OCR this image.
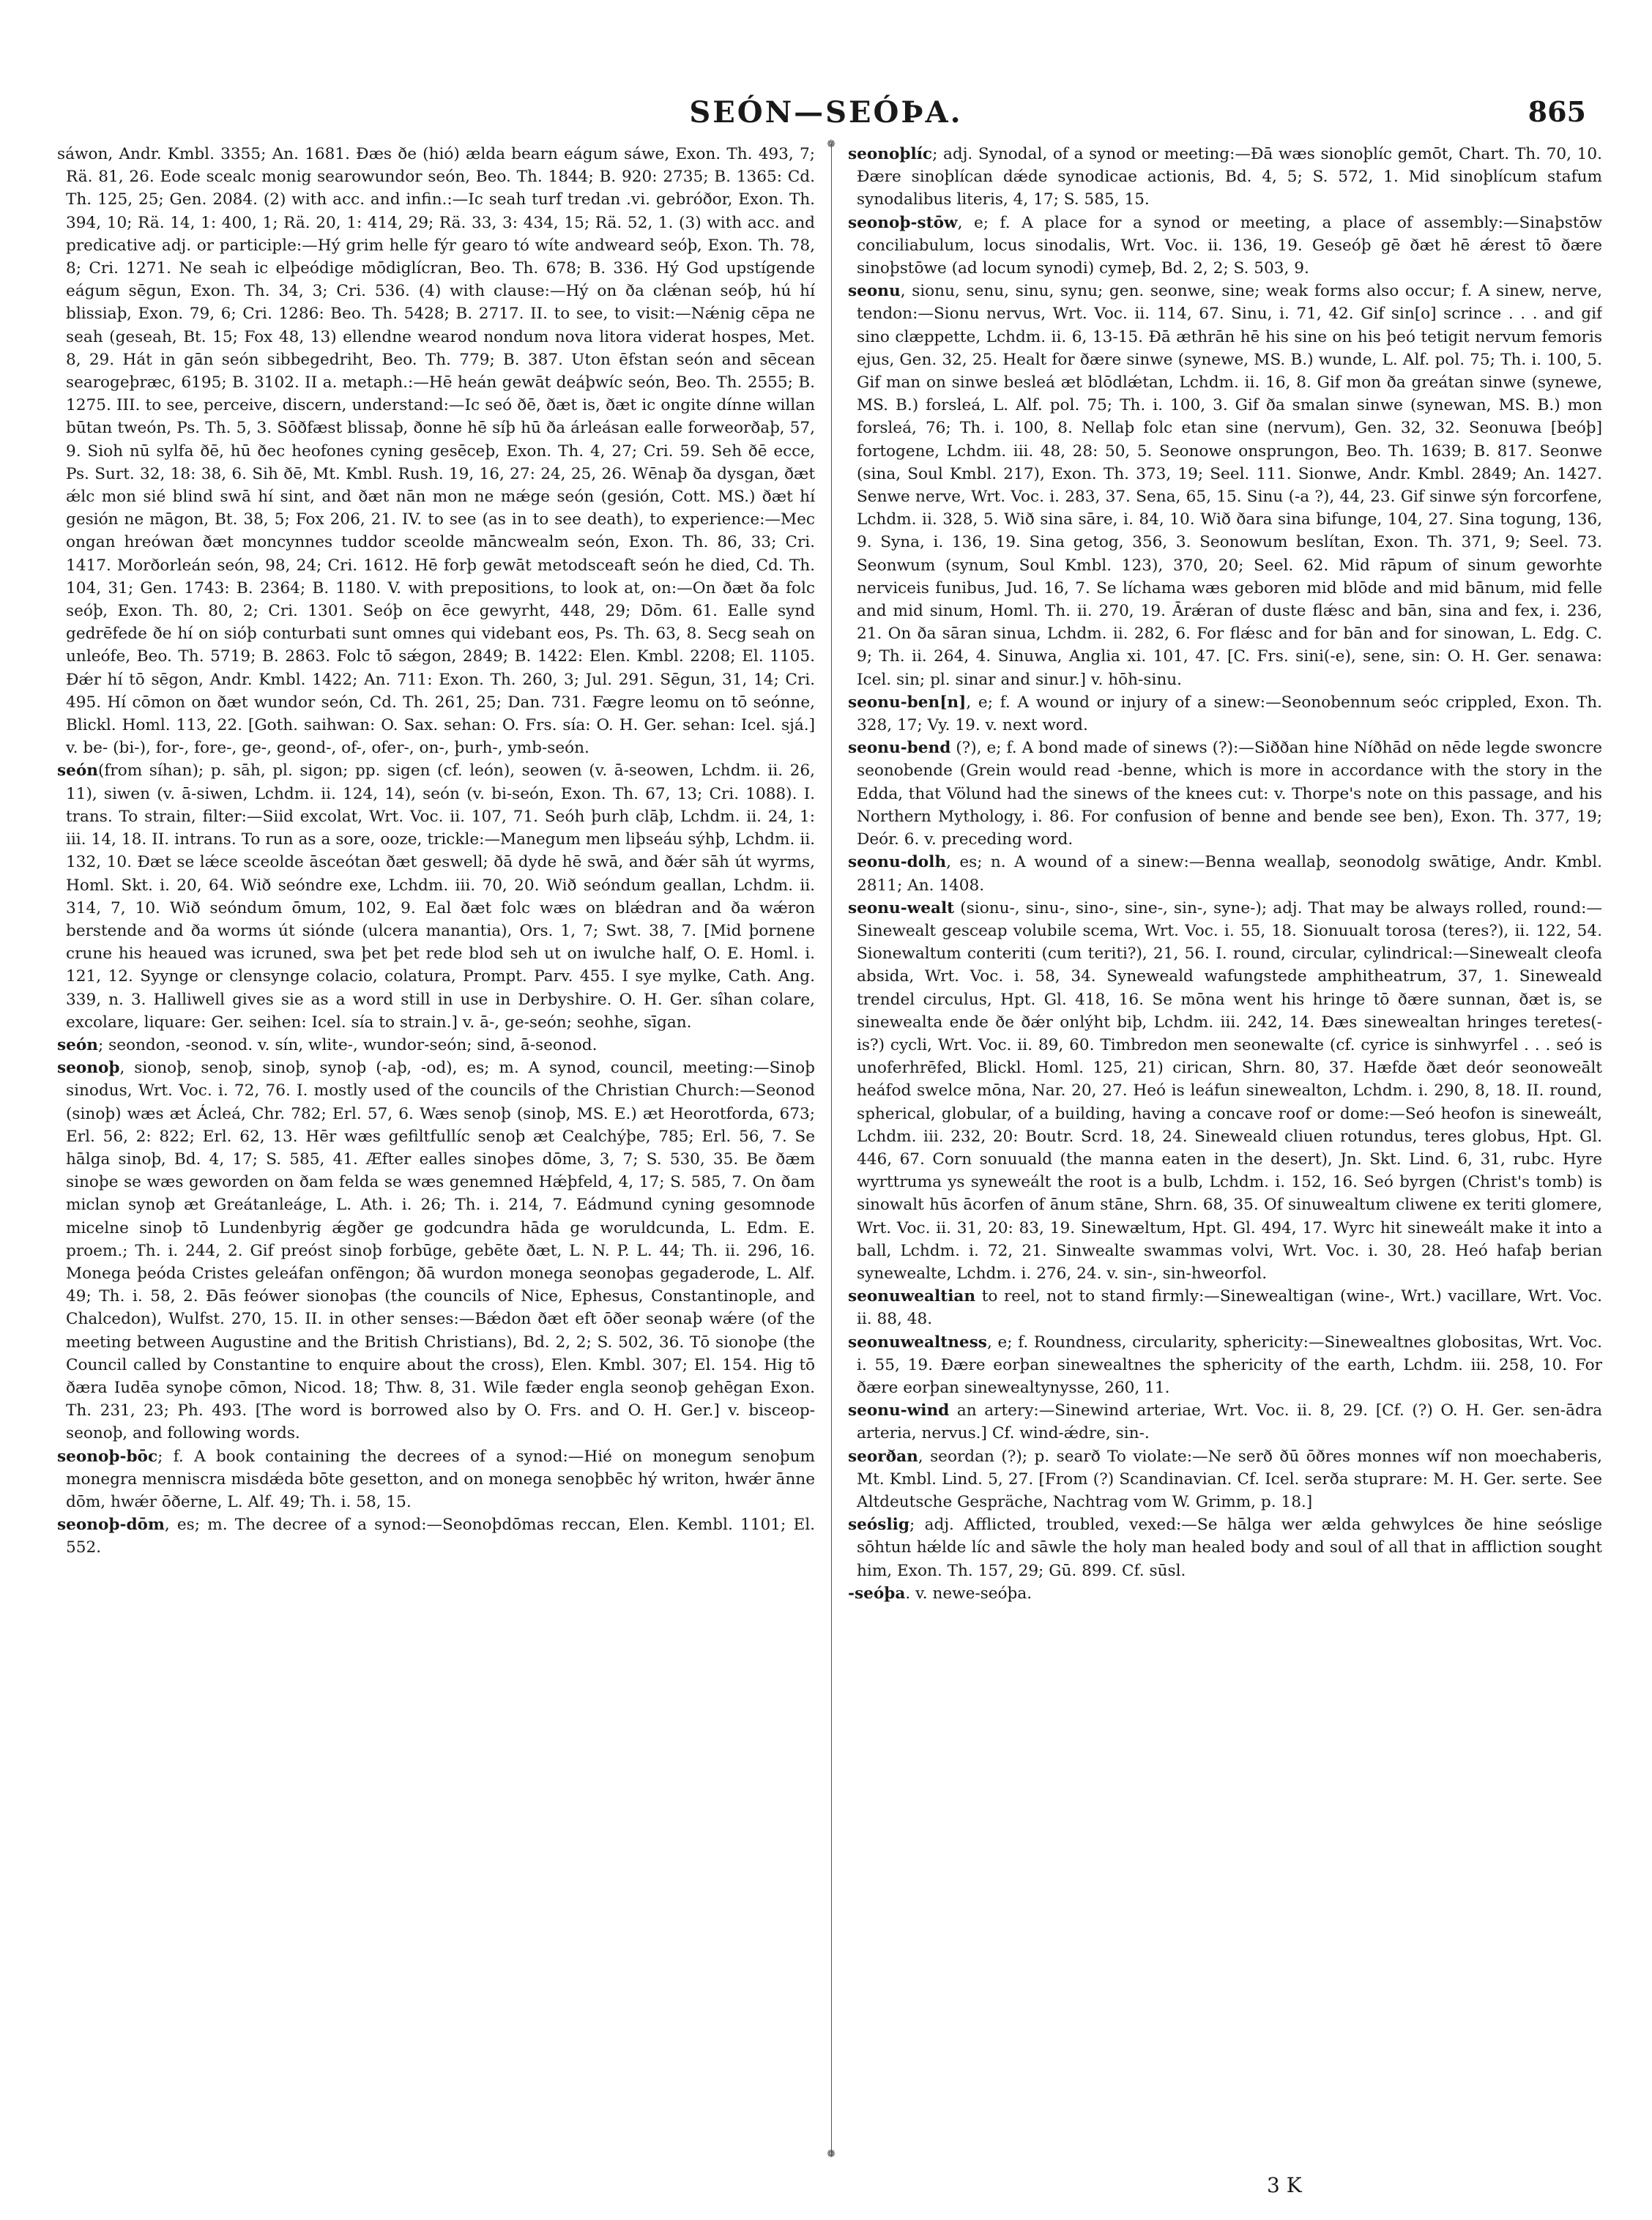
SEÓN—SEÓÞA.	865
❁
❁

sáwon, Andr. Kmbl. 3355; An. 1681. Ðæs ðe (hió) ælda bearn eágum sáwe, Exon. Th. 493, 7; Rä. 81, 26. Eode scealc monig searowundor seón, Beo. Th. 1844; B. 920: 2735; B. 1365: Cd. Th. 125, 25; Gen. 2084. (2) with acc. and infin.:—Ic seah turf tredan .vi. gebróðor, Exon. Th. 394, 10; Rä. 14, 1: 400, 1; Rä. 20, 1: 414, 29; Rä. 33, 3: 434, 15; Rä. 52, 1. (3) with acc. and predicative adj. or participle:—Hý grim helle fýr gearo tó wíte andweard seóþ, Exon. Th. 78, 8; Cri. 1271. Ne seah ic elþeódige mōdiglícran, Beo. Th. 678; B. 336. Hý God upstígende eágum sēgun, Exon. Th. 34, 3; Cri. 536. (4) with clause:—Hý on ða clǽnan seóþ, hú hí blissiaþ, Exon. 79, 6; Cri. 1286: Beo. Th. 5428; B. 2717. II. to see, to visit:—Nǽnig cēpa ne seah (geseah, Bt. 15; Fox 48, 13) ellendne wearod nondum nova litora viderat hospes, Met. 8, 29. Hát in gān seón sibbegedriht, Beo. Th. 779; B. 387. Uton ēfstan seón and sēcean searogeþræc, 6195; B. 3102. II a. metaph.:—Hē heán gewāt deáþwíc seón, Beo. Th. 2555; B. 1275. III. to see, perceive, discern, understand:—Ic seó ðē, ðæt is, ðæt ic ongite dínne willan būtan tweón, Ps. Th. 5, 3. Sōðfæst blissaþ, ðonne hē síþ hū ða árleásan ealle forweorðaþ, 57, 9. Sioh nū sylfa ðē, hū ðec heofones cyning gesēceþ, Exon. Th. 4, 27; Cri. 59. Seh ðē ecce, Ps. Surt. 32, 18: 38, 6. Sih ðē, Mt. Kmbl. Rush. 19, 16, 27: 24, 25, 26. Wēnaþ ða dysgan, ðæt ǽlc mon sié blind swā hí sint, and ðæt nān mon ne mǽge seón (gesión, Cott. MS.) ðæt hí gesión ne māgon, Bt. 38, 5; Fox 206, 21. IV. to see (as in to see death), to experience:—Mec ongan hreówan ðæt moncynnes tuddor sceolde māncwealm seón, Exon. Th. 86, 33; Cri. 1417. Morðorleán seón, 98, 24; Cri. 1612. Hē forþ gewāt metodsceaft seón he died, Cd. Th. 104, 31; Gen. 1743: B. 2364; B. 1180. V. with prepositions, to look at, on:—On ðæt ða folc seóþ, Exon. Th. 80, 2; Cri. 1301. Seóþ on ēce gewyrht, 448, 29; Dōm. 61. Ealle synd gedrēfede ðe hí on sióþ conturbati sunt omnes qui videbant eos, Ps. Th. 63, 8. Secg seah on unleófe, Beo. Th. 5719; B. 2863. Folc tō sǽgon, 2849; B. 1422: Elen. Kmbl. 2208; El. 1105. Ðǽr hí tō sēgon, Andr. Kmbl. 1422; An. 711: Exon. Th. 260, 3; Jul. 291. Sēgun, 31, 14; Cri. 495. Hí cōmon on ðæt wundor seón, Cd. Th. 261, 25; Dan. 731. Fægre leomu on tō seónne, Blickl. Homl. 113, 22. [Goth. saihwan: O. Sax. sehan: O. Frs. sía: O. H. Ger. sehan: Icel. sjá.] v. be- (bi-), for-, fore-, ge-, geond-, of-, ofer-, on-, þurh-, ymb-seón.

seón(from síhan); p. sāh, pl. sigon; pp. sigen (cf. león), seowen (v. ā-seowen, Lchdm. ii. 26, 11), siwen (v. ā-siwen, Lchdm. ii. 124, 14), seón (v. bi-seón, Exon. Th. 67, 13; Cri. 1088). I. trans. To strain, filter:—Siid excolat, Wrt. Voc. ii. 107, 71. Seóh þurh clāþ, Lchdm. ii. 24, 1: iii. 14, 18. II. intrans. To run as a sore, ooze, trickle:—Manegum men liþseáu sýhþ, Lchdm. ii. 132, 10. Ðæt se lǽce sceolde āsceótan ðæt geswell; ðā dyde hē swā, and ðǽr sāh út wyrms, Homl. Skt. i. 20, 64. Wið seóndre exe, Lchdm. iii. 70, 20. Wið seóndum geallan, Lchdm. ii. 314, 7, 10. Wið seóndum ōmum, 102, 9. Eal ðæt folc wæs on blǽdran and ða wǽron berstende and ða worms út sióndе (ulcera manantia), Ors. 1, 7; Swt. 38, 7. [Mid þornene crune his heaued was icruned, swa þet þet rede blod seh ut on iwulche half, O. E. Homl. i. 121, 12. Syynge or clensynge colacio, colatura, Prompt. Parv. 455. I sye mylke, Cath. Ang. 339, n. 3. Halliwell gives sie as a word still in use in Derbyshire. O. H. Ger. sîhan colare, excolare, liquare: Ger. seihen: Icel. sía to strain.] v. ā-, ge-seón; seohhe, sīgan.

seón; seondon, -seonod. v. sín, wlite-, wundor-seón; sind, ā-seonod.

seonoþ, sionoþ, senoþ, sinoþ, synoþ (-aþ, -od), es; m. A synod, council, meeting:—Sinoþ sinodus, Wrt. Voc. i. 72, 76. I. mostly used of the councils of the Christian Church:—Seonod (sinoþ) wæs æt Ácleá, Chr. 782; Erl. 57, 6. Wæs senoþ (sinoþ, MS. E.) æt Heorotforda, 673; Erl. 56, 2: 822; Erl. 62, 13. Hēr wæs gefiltfullíc senoþ æt Cealchýþe, 785; Erl. 56, 7. Se hālga sinoþ, Bd. 4, 17; S. 585, 41. Æfter ealles sinoþes dōme, 3, 7; S. 530, 35. Be ðæm sinoþe se wæs geworden on ðam felda se wæs genemned Hǽþfeld, 4, 17; S. 585, 7. On ðam miclan synoþ æt Greátanleáge, L. Ath. i. 26; Th. i. 214, 7. Eádmund cyning gesomnode micelne sinoþ tō Lundenbyrig ǽgðer ge godcundra hāda ge woruldcunda, L. Edm. E. proem.; Th. i. 244, 2. Gif preóst sinoþ forbūge, gebēte ðæt, L. N. P. L. 44; Th. ii. 296, 16. Monega þeóda Cristes geleáfan onfēngon; ðā wurdon monega seonoþas gegaderode, L. Alf. 49; Th. i. 58, 2. Ðās feówer sionoþas (the councils of Nice, Ephesus, Constantinople, and Chalcedon), Wulfst. 270, 15. II. in other senses:—Bǽdon ðæt eft ōðer seonaþ wǽre (of the meeting between Augustine and the British Christians), Bd. 2, 2; S. 502, 36. Tō sionoþe (the Council called by Constantine to enquire about the cross), Elen. Kmbl. 307; El. 154. Hig tō ðæra Iudēa synoþe cōmon, Nicod. 18; Thw. 8, 31. Wile fæder engla seonoþ gehēgan Exon. Th. 231, 23; Ph. 493. [The word is borrowed also by O. Frs. and O. H. Ger.] v. bisceop-seonoþ, and following words.

seonoþ-bōc; f. A book containing the decrees of a synod:—Hié on monegum senoþum monegra menniscra misdǽda bōte gesetton, and on monega senoþbēc hý writon, hwǽr ānne dōm, hwǽr ōðerne, L. Alf. 49; Th. i. 58, 15.

seonoþ-dōm, es; m. The decree of a synod:—Seonoþdōmas reccan, Elen. Kembl. 1101; El. 552.

seonoþlíc; adj. Synodal, of a synod or meeting:—Ðā wæs sionoþlíc gemōt, Chart. Th. 70, 10. Ðære sinoþlícan dǽde synodicae actionis, Bd. 4, 5; S. 572, 1. Mid sinoþlícum stafum synodalibus literis, 4, 17; S. 585, 15.

seonoþ-stōw, e; f. A place for a synod or meeting, a place of assembly:—Sinaþstōw conciliabulum, locus sinodalis, Wrt. Voc. ii. 136, 19. Geseóþ gē ðæt hē ǽrest tō ðære sinoþstōwe (ad locum synodi) cymeþ, Bd. 2, 2; S. 503, 9.

seonu, sionu, senu, sinu, synu; gen. seonwe, sine; weak forms also occur; f. A sinew, nerve, tendon:—Sionu nervus, Wrt. Voc. ii. 114, 67. Sinu, i. 71, 42. Gif sin[o] scrince . . . and gif sino clæppette, Lchdm. ii. 6, 13-15. Ðā æthrān hē his sine on his þeó tetigit nervum femoris ejus, Gen. 32, 25. Healt for ðære sinwe (synewe, MS. B.) wunde, L. Alf. pol. 75; Th. i. 100, 5. Gif man on sinwe besleá æt blōdlǽtan, Lchdm. ii. 16, 8. Gif mon ða greátan sinwe (synewe, MS. B.) forsleá, L. Alf. pol. 75; Th. i. 100, 3. Gif ða smalan sinwe (synewan, MS. B.) mon forsleá, 76; Th. i. 100, 8. Nellaþ folc etan sine (nervum), Gen. 32, 32. Seonuwa [beóþ] fortogene, Lchdm. iii. 48, 28: 50, 5. Seonowe onsprungon, Beo. Th. 1639; B. 817. Seonwe (sina, Soul Kmbl. 217), Exon. Th. 373, 19; Seel. 111. Sionwe, Andr. Kmbl. 2849; An. 1427. Senwe nerve, Wrt. Voc. i. 283, 37. Sena, 65, 15. Sinu (-a ?), 44, 23. Gif sinwe sýn forcorfene, Lchdm. ii. 328, 5. Wið sina sāre, i. 84, 10. Wið ðara sina bifunge, 104, 27. Sina togung, 136, 9. Syna, i. 136, 19. Sina getog, 356, 3. Seonowum beslítan, Exon. Th. 371, 9; Seel. 73. Seonwum (synum, Soul Kmbl. 123), 370, 20; Seel. 62. Mid rāpum of sinum geworhte nerviceis funibus, Jud. 16, 7. Se líchama wæs geboren mid blōde and mid bānum, mid felle and mid sinum, Homl. Th. ii. 270, 19. Ārǽran of duste flǽsc and bān, sina and fex, i. 236, 21. On ða sāran sinua, Lchdm. ii. 282, 6. For flǽsc and for bān and for sinowan, L. Edg. C. 9; Th. ii. 264, 4. Sinuwa, Anglia xi. 101, 47. [C. Frs. sini(-e), sene, sin: O. H. Ger. senawa: Icel. sin; pl. sinar and sinur.] v. hōh-sinu.

seonu-ben[n], e; f. A wound or injury of a sinew:—Seonobennum seóc crippled, Exon. Th. 328, 17; Vy. 19. v. next word.

seonu-bend (?), e; f. A bond made of sinews (?):—Siððan hine Níðhād on nēde legde swoncre seonobende (Grein would read -benne, which is more in accordance with the story in the Edda, that Völund had the sinews of the knees cut: v. Thorpe's note on this passage, and his Northern Mythology, i. 86. For confusion of benne and bende see ben), Exon. Th. 377, 19; Deór. 6. v. preceding word.

seonu-dolh, es; n. A wound of a sinew:—Benna weallaþ, seonodolg swātige, Andr. Kmbl. 2811; An. 1408.

seonu-wealt (sionu-, sinu-, sino-, sine-, sin-, syne-); adj. That may be always rolled, round:—Sinewealt gesceap volubile scema, Wrt. Voc. i. 55, 18. Sionuualt torosa (teres?), ii. 122, 54. Sionewaltum conteriti (cum teriti?), 21, 56. I. round, circular, cylindrical:—Sinewealt cleofa absida, Wrt. Voc. i. 58, 34. Syneweald wafungstede amphitheatrum, 37, 1. Sineweald trendel circulus, Hpt. Gl. 418, 16. Se mōna went his hringe tō ðære sunnan, ðæt is, se sinewealta ende ðe ðǽr onlýht biþ, Lchdm. iii. 242, 14. Ðæs sinewealtan hringes teretes(-is?) cycli, Wrt. Voc. ii. 89, 60. Timbredon men seonewalte (cf. cyrice is sinhwyrfel . . . seó is unoferhrēfed, Blickl. Homl. 125, 21) cirican, Shrn. 80, 37. Hæfde ðæt deór seonoweālt heáfod swelce mōna, Nar. 20, 27. Heó is leáfun sinewealton, Lchdm. i. 290, 8, 18. II. round, spherical, globular, of a building, having a concave roof or dome:—Seó heofon is sineweált, Lchdm. iii. 232, 20: Boutr. Scrd. 18, 24. Sineweald cliuen rotundus, teres globus, Hpt. Gl. 446, 67. Corn sonuuald (the manna eaten in the desert), Jn. Skt. Lind. 6, 31, rubc. Hyre wyrttruma ys syneweált the root is a bulb, Lchdm. i. 152, 16. Seó byrgen (Christ's tomb) is sinowalt hūs ācorfen of ānum stāne, Shrn. 68, 35. Of sinuwealtum cliwene ex teriti glomere, Wrt. Voc. ii. 31, 20: 83, 19. Sinewæltum, Hpt. Gl. 494, 17. Wyrc hit sineweált make it into a ball, Lchdm. i. 72, 21. Sinwealte swammas volvi, Wrt. Voc. i. 30, 28. Heó hafaþ berian synewealte, Lchdm. i. 276, 24. v. sin-, sin-hweorfol.

seonuwealtian to reel, not to stand firmly:—Sinewealtigan (wine-, Wrt.) vacillare, Wrt. Voc. ii. 88, 48.

seonuwealtness, e; f. Roundness, circularity, sphericity:—Sinewealtnes globositas, Wrt. Voc. i. 55, 19. Ðære eorþan sinewealtnes the sphericity of the earth, Lchdm. iii. 258, 10. For ðære eorþan sinewealtynysse, 260, 11.

seonu-wind an artery:—Sinewind arteriae, Wrt. Voc. ii. 8, 29. [Cf. (?) O. H. Ger. sen-ādra arteria, nervus.] Cf. wind-ǽdre, sin-.

seorðan, seordan (?); p. searð To violate:—Ne serð ðū ōðres monnes wíf non moechaberis, Mt. Kmbl. Lind. 5, 27. [From (?) Scandinavian. Cf. Icel. serða stuprare: M. H. Ger. serte. See Altdeutsche Gespräche, Nachtrag vom W. Grimm, p. 18.]

seóslig; adj. Afflicted, troubled, vexed:—Se hālga wer ælda gehwylces ðe hine seóslige sōhtun hǽlde líc and sāwle the holy man healed body and soul of all that in affliction sought him, Exon. Th. 157, 29; Gū. 899. Cf. sūsl.

-seóþa. v. newe-seóþa.

3 K
